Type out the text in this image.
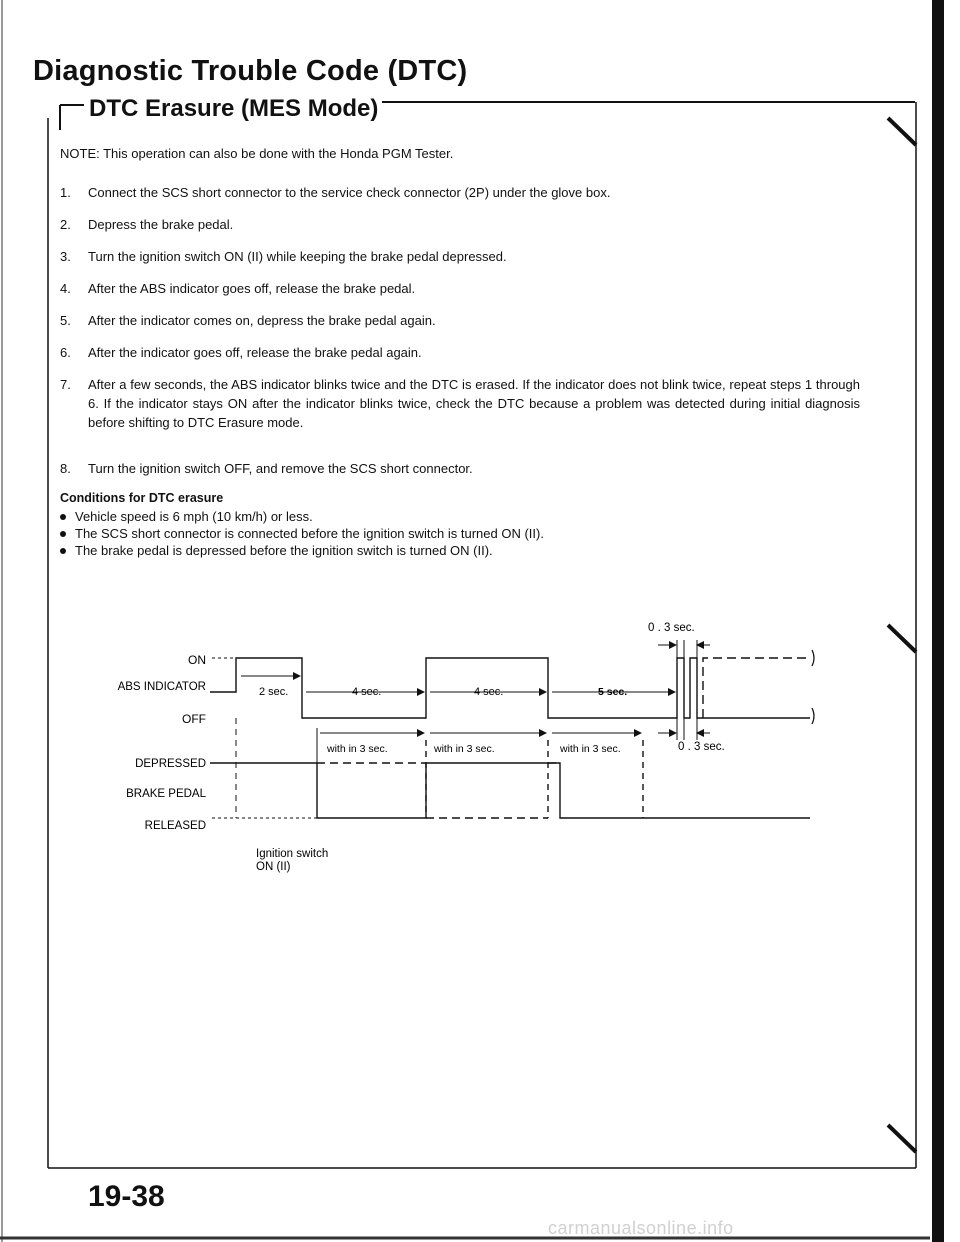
Diagnostic Trouble Code (DTC)
DTC Erasure (MES Mode)
NOTE: This operation can also be done with the Honda PGM Tester.
1.	Connect the SCS short connector to the service check connector (2P) under the glove box.
2.	Depress the brake pedal.
3.	Turn the ignition switch ON (II) while keeping the brake pedal depressed.
4.	After the ABS indicator goes off, release the brake pedal.
5.	After the indicator comes on, depress the brake pedal again.
6.	After the indicator goes off, release the brake pedal again.
7.	After a few seconds, the ABS indicator blinks twice and the DTC is erased. If the indicator does not blink twice, repeat steps 1 through 6. If the indicator stays ON after the indicator blinks twice, check the DTC because a problem was detected during initial diagnosis before shifting to DTC Erasure mode.
8.	Turn the ignition switch OFF, and remove the SCS short connector.
Conditions for DTC erasure
Vehicle speed is 6 mph (10 km/h) or less.
The SCS short connector is connected before the ignition switch is turned ON (II).
The brake pedal is depressed before the ignition switch is turned ON (II).
ON
ABS INDICATOR
OFF
DEPRESSED
BRAKE PEDAL
RELEASED
2 sec.	4 sec.	4 sec.	5 sec.
0 . 3 sec.
0 . 3 sec.
with in 3 sec.	with in 3 sec.	with in 3 sec.
Ignition switch
ON (II)
19-38
carmanualsonline.info
